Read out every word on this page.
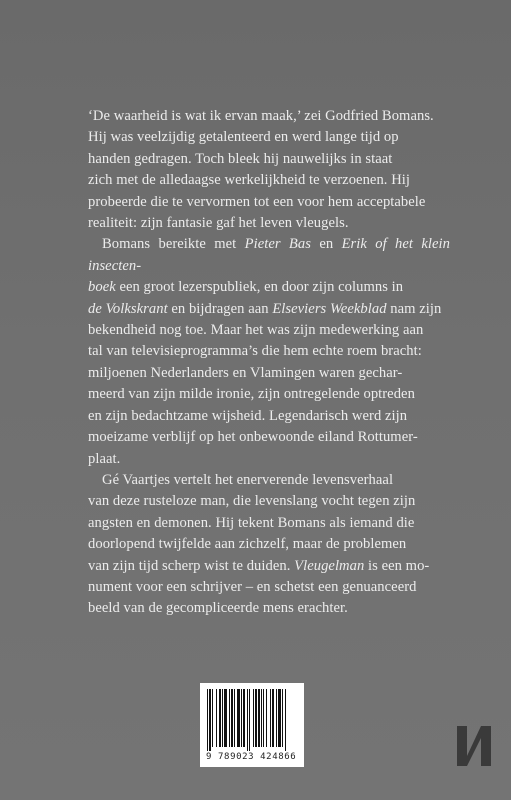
‘De waarheid is wat ik ervan maak,’ zei Godfried Bomans.
Hij was veelzijdig getalenteerd en werd lange tijd op
handen gedragen. Toch bleek hij nauwelijks in staat
zich met de alledaagse werkelijkheid te verzoenen. Hij
probeerde die te vervormen tot een voor hem acceptabele
realiteit: zijn fantasie gaf het leven vleugels.

Bomans bereikte met Pieter Bas en Erik of het klein insecten-
boek een groot lezerspubliek, en door zijn columns in
de Volkskrant en bijdragen aan Elseviers Weekblad nam zijn
bekendheid nog toe. Maar het was zijn medewerking aan
tal van televisieprogramma’s die hem echte roem bracht:
miljoenen Nederlanders en Vlamingen waren gechar-
meerd van zijn milde ironie, zijn ontregelende optreden
en zijn bedachtzame wijsheid. Legendarisch werd zijn
moeizame verblijf op het onbewoonde eiland Rottumer-
plaat.

Gé Vaartjes vertelt het enerverende levensverhaal
van deze rusteloze man, die levenslang vocht tegen zijn
angsten en demonen. Hij tekent Bomans als iemand die
doorlopend twijfelde aan zichzelf, maar de problemen
van zijn tijd scherp wist te duiden. Vleugelman is een mo-
nument voor een schrijver – en schetst een genuanceerd
beeld van de gecompliceerde mens erachter.

9 789023 424866
